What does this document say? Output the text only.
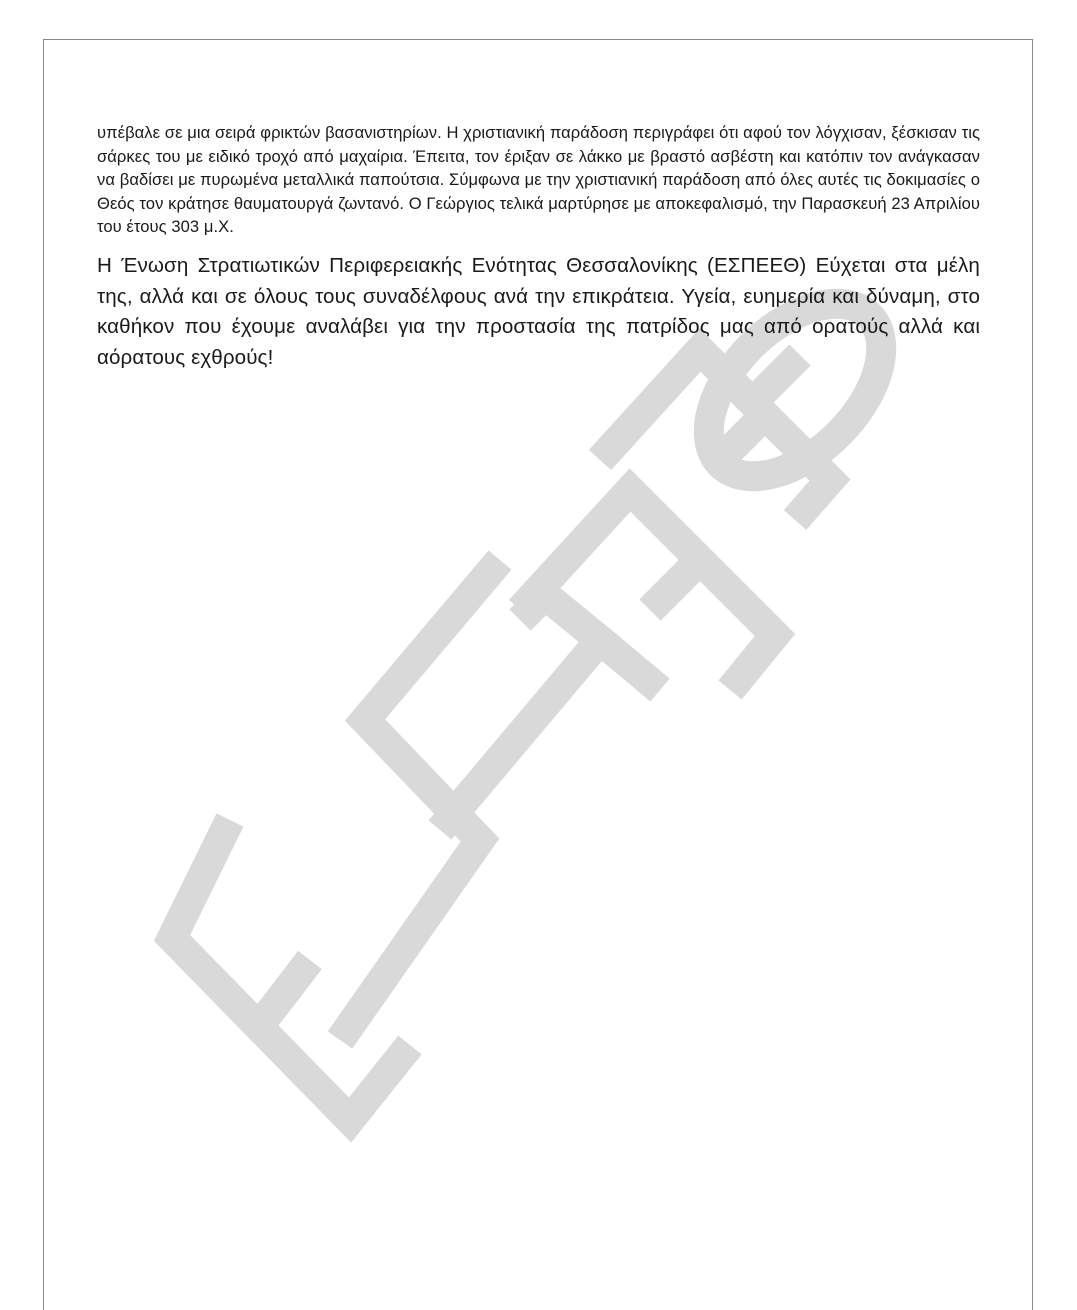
υπέβαλε σε μια σειρά φρικτών βασανιστηρίων. Η χριστιανική παράδοση περιγράφει ότι αφού τον λόγχισαν, ξέσκισαν τις σάρκες του με ειδικό τροχό από μαχαίρια. Έπειτα, τον έριξαν σε λάκκο με βραστό ασβέστη και κατόπιν τον ανάγκασαν να βαδίσει με πυρωμένα μεταλλικά παπούτσια. Σύμφωνα με την χριστιανική παράδοση από όλες αυτές τις δοκιμασίες ο Θεός τον κράτησε θαυματουργά ζωντανό. Ο Γεώργιος τελικά μαρτύρησε με αποκεφαλισμό, την Παρασκευή 23 Απριλίου του έτους 303 μ.Χ.

Η Ένωση Στρατιωτικών Περιφερειακής Ενότητας Θεσσαλονίκης (ΕΣΠΕΕΘ) Εύχεται στα μέλη της, αλλά και σε όλους τους συναδέλφους ανά την επικράτεια. Υγεία, ευημερία και δύναμη, στο καθήκον που έχουμε αναλάβει για την προστασία της πατρίδος μας από ορατούς αλλά και αόρατους εχθρούς!
